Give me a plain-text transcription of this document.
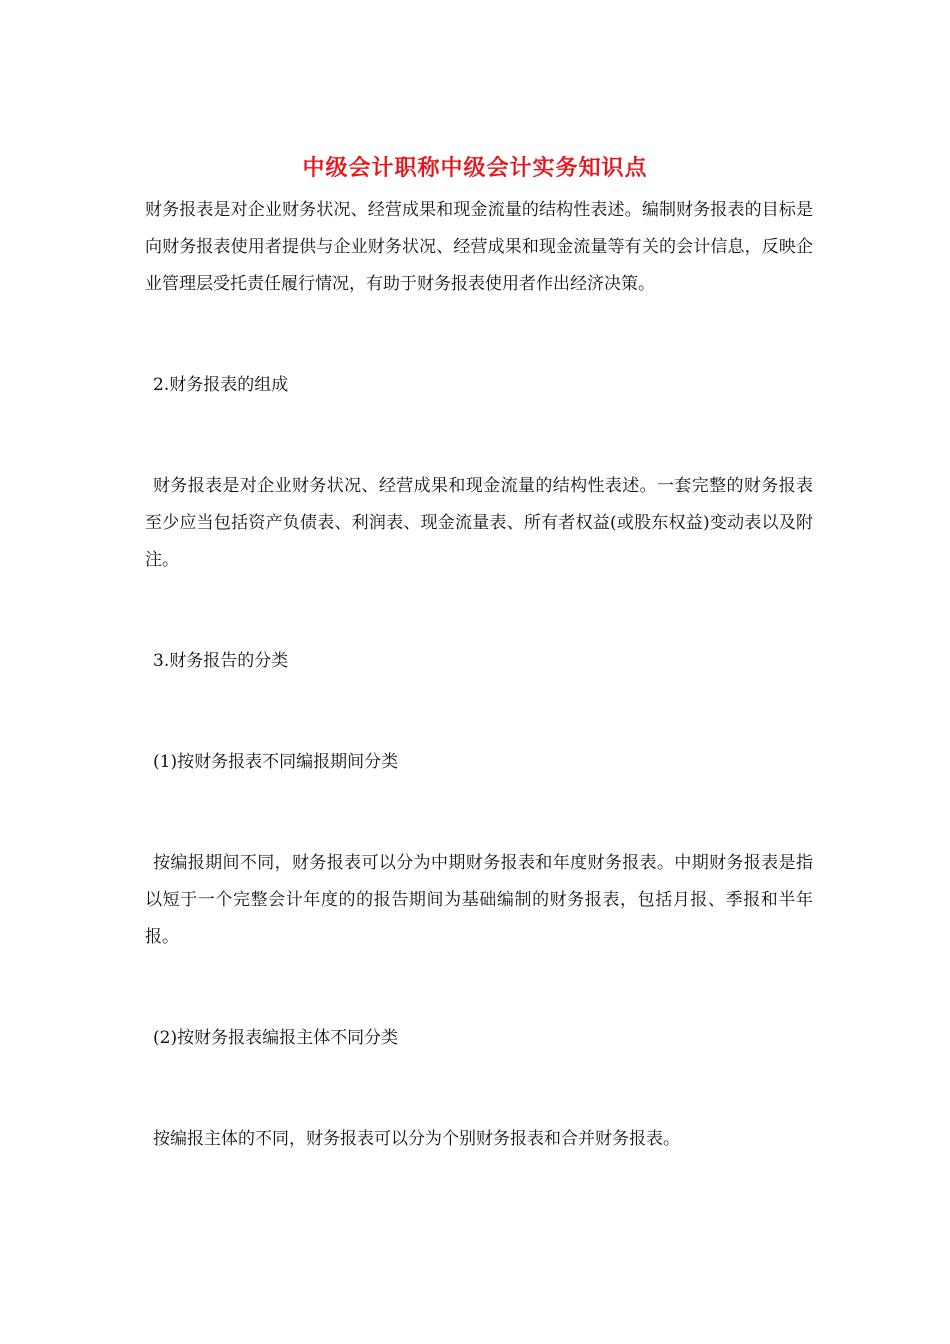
中级会计职称中级会计实务知识点

财务报表是对企业财务状况、经营成果和现金流量的结构性表述。编制财务报表的目标是向财务报表使用者提供与企业财务状况、经营成果和现金流量等有关的会计信息，反映企业管理层受托责任履行情况，有助于财务报表使用者作出经济决策。

2.财务报表的组成

财务报表是对企业财务状况、经营成果和现金流量的结构性表述。一套完整的财务报表至少应当包括资产负债表、利润表、现金流量表、所有者权益(或股东权益)变动表以及附注。

3.财务报告的分类

(1)按财务报表不同编报期间分类

按编报期间不同，财务报表可以分为中期财务报表和年度财务报表。中期财务报表是指以短于一个完整会计年度的的报告期间为基础编制的财务报表，包括月报、季报和半年报。

(2)按财务报表编报主体不同分类

按编报主体的不同，财务报表可以分为个别财务报表和合并财务报表。
